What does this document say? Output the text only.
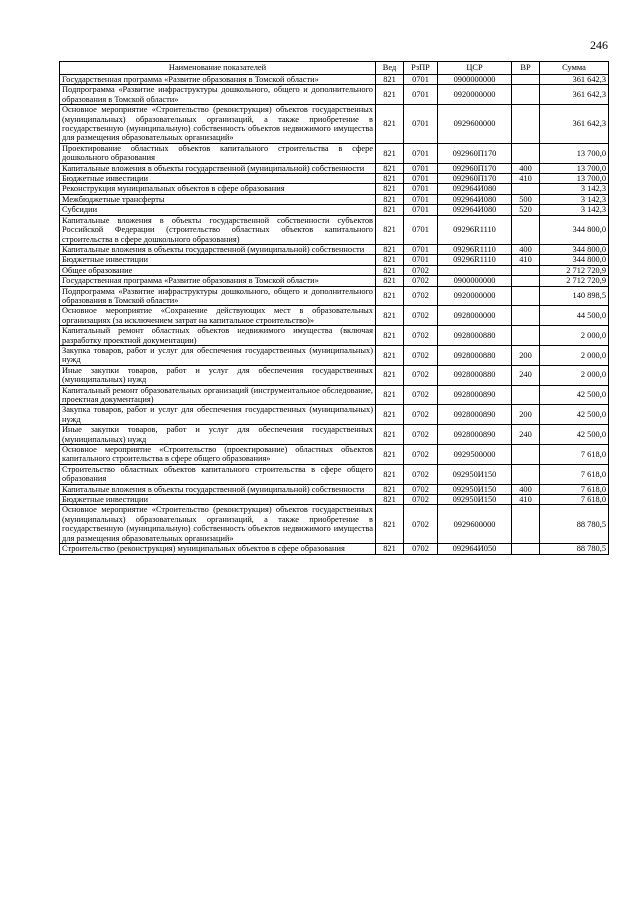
246
Наименование показателей	Вед	РзПР	ЦСР	ВР	Сумма
Государственная программа «Развитие образования в Томской области»	821	0701	0900000000		361 642,3
Подпрограмма «Развитие инфраструктуры дошкольного, общего и дополнительного образования в Томской области»	821	0701	0920000000		361 642,3
Основное мероприятие «Строительство (реконструкция) объектов государственных (муниципальных) образовательных организаций, а также приобретение в государственную (муниципальную) собственность объектов недвижимого имущества для размещения образовательных организаций»	821	0701	0929600000		361 642,3
Проектирование областных объектов капитального строительства в сфере дошкольного образования	821	0701	092960П170		13 700,0
Капитальные вложения в объекты государственной (муниципальной) собственности	821	0701	092960П170	400	13 700,0
Бюджетные инвестиции	821	0701	092960П170	410	13 700,0
Реконструкция муниципальных объектов в сфере образования	821	0701	092964И080		3 142,3
Межбюджетные трансферты	821	0701	092964И080	500	3 142,3
Субсидии	821	0701	092964И080	520	3 142,3
Капитальные вложения в объекты государственной собственности субъектов Российской Федерации (строительство областных объектов капитального строительства в сфере дошкольного образования)	821	0701	09296R1110		344 800,0
Капитальные вложения в объекты государственной (муниципальной) собственности	821	0701	09296R1110	400	344 800,0
Бюджетные инвестиции	821	0701	09296R1110	410	344 800,0
Общее образование	821	0702			2 712 720,9
Государственная программа «Развитие образования в Томской области»	821	0702	0900000000		2 712 720,9
Подпрограмма «Развитие инфраструктуры дошкольного, общего и дополнительного образования в Томской области»	821	0702	0920000000		140 898,5
Основное мероприятие «Сохранение действующих мест в образовательных организациях (за исключением затрат на капитальное строительство)»	821	0702	0928000000		44 500,0
Капитальный ремонт областных объектов недвижимого имущества (включая разработку проектной документации)	821	0702	0928000880		2 000,0
Закупка товаров, работ и услуг для обеспечения государственных (муниципальных) нужд	821	0702	0928000880	200	2 000,0
Иные закупки товаров, работ и услуг для обеспечения государственных (муниципальных) нужд	821	0702	0928000880	240	2 000,0
Капитальный ремонт образовательных организаций (инструментальное обследование, проектная документация)	821	0702	0928000890		42 500,0
Закупка товаров, работ и услуг для обеспечения государственных (муниципальных) нужд	821	0702	0928000890	200	42 500,0
Иные закупки товаров, работ и услуг для обеспечения государственных (муниципальных) нужд	821	0702	0928000890	240	42 500,0
Основное мероприятие «Строительство (проектирование) областных объектов капитального строительства в сфере общего образования»	821	0702	0929500000		7 618,0
Строительство областных объектов капитального строительства в сфере общего образования	821	0702	092950И150		7 618,0
Капитальные вложения в объекты государственной (муниципальной) собственности	821	0702	092950И150	400	7 618,0
Бюджетные инвестиции	821	0702	092950И150	410	7 618,0
Основное мероприятие «Строительство (реконструкция) объектов государственных (муниципальных) образовательных организаций, а также приобретение в государственную (муниципальную) собственность объектов недвижимого имущества для размещения образовательных организаций»	821	0702	0929600000		88 780,5
Строительство (реконструкция) муниципальных объектов в сфере образования	821	0702	092964И050		88 780,5
